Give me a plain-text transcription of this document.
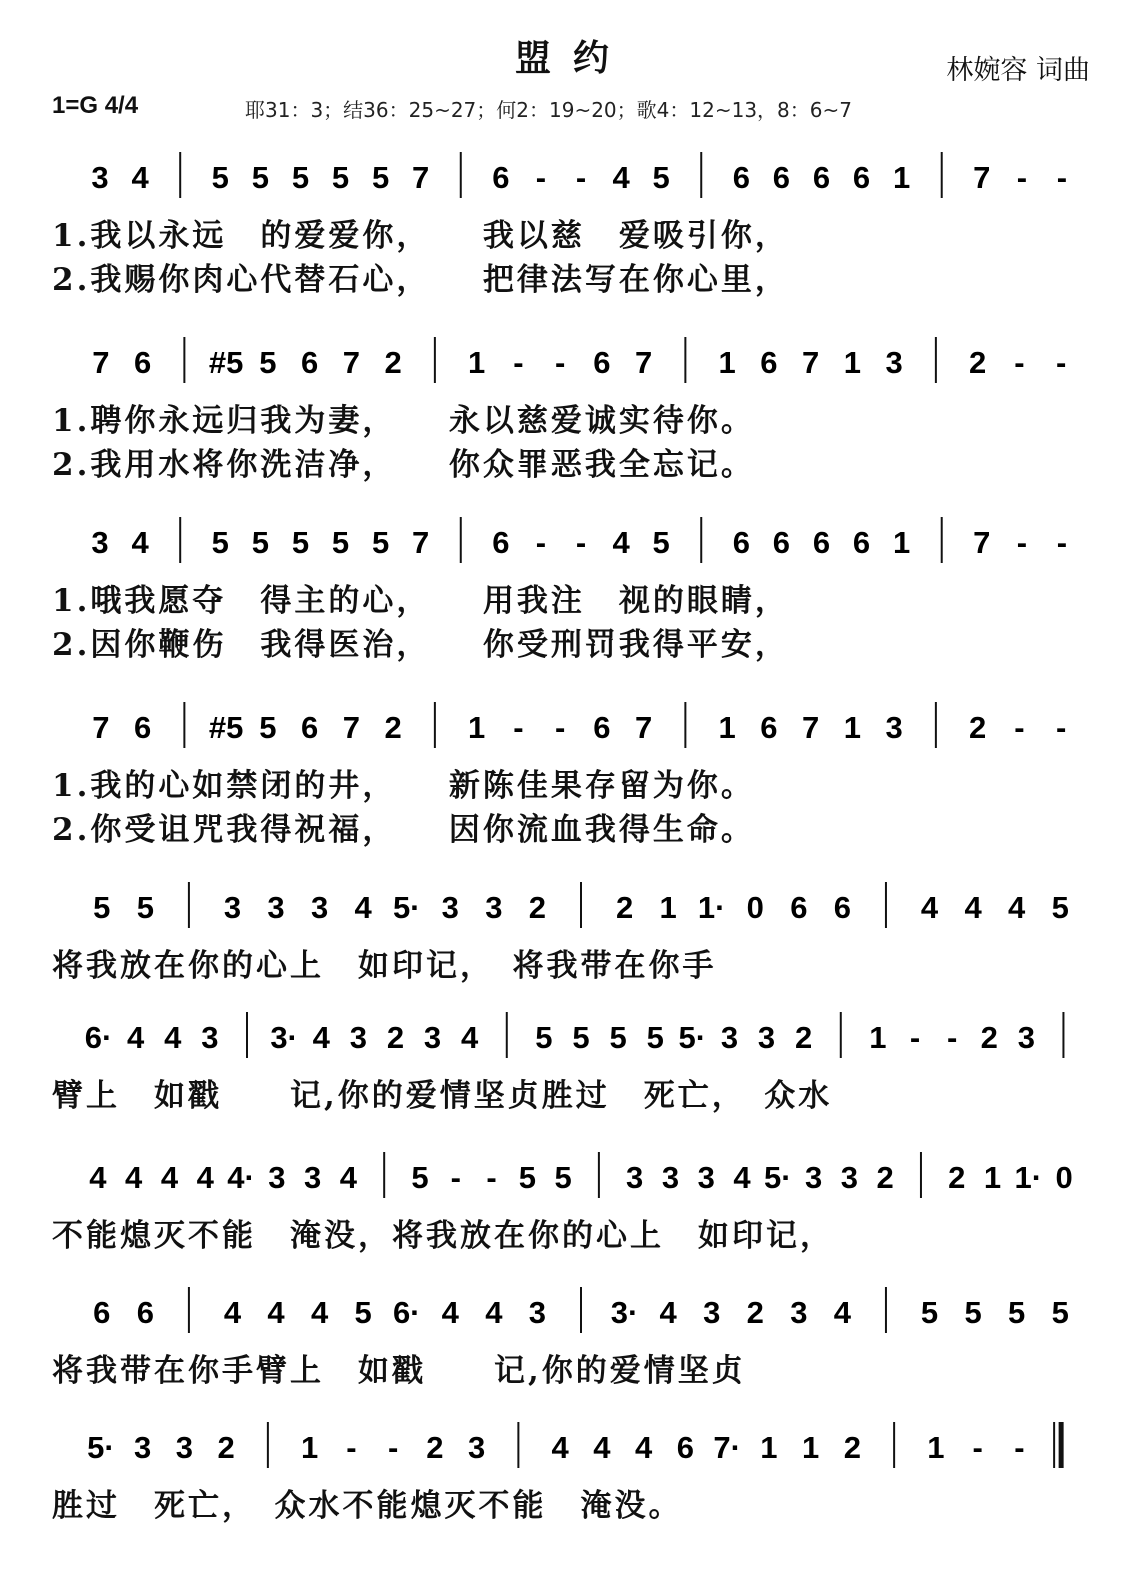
盟约	林婉容 词曲
1=G 4/4	耶31：3；结36：25~27；何2：19~20；歌4：12~13，8：6~7
3 4 5 5 5 5 5 7 6 - - 4 5 6 6 6 6 1 7 - -
1.我以永远　的爱爱你，　　我以慈　爱吸引你，
2.我赐你肉心代替石心，　　把律法写在你心里，
7 6 #5 5 6 7 2 1 - - 6 7 1 6 7 1 3 2 - -
1.聘你永远归我为妻，　　永以慈爱诚实待你。
2.我用水将你洗洁净，　　你众罪恶我全忘记。
3 4 5 5 5 5 5 7 6 - - 4 5 6 6 6 6 1 7 - -
1.哦我愿夺　得主的心，　　用我注　视的眼睛，
2.因你鞭伤　我得医治，　　你受刑罚我得平安，
7 6 #5 5 6 7 2 1 - - 6 7 1 6 7 1 3 2 - -
1.我的心如禁闭的井，　　新陈佳果存留为你。
2.你受诅咒我得祝福，　　因你流血我得生命。
5 5 3 3 3 4 5· 3 3 2 2 1 1· 0 6 6 4 4 4 5
将我放在你的心上　如印记，　将我带在你手
6· 4 4 3 3· 4 3 2 3 4 5 5 5 5 5· 3 3 2 1 - - 2 3
臂上　如戳　　记,你的爱情坚贞胜过　死亡，　众水
4 4 4 4 4· 3 3 4 5 - - 5 5 3 3 3 4 5· 3 3 2 2 1 1· 0
不能熄灭不能　淹没，将我放在你的心上　如印记，
6 6 4 4 4 5 6· 4 4 3 3· 4 3 2 3 4 5 5 5 5
将我带在你手臂上　如戳　　记,你的爱情坚贞
5· 3 3 2 1 - - 2 3 4 4 4 6 7· 1 1 2 1 - -
胜过　死亡，　众水不能熄灭不能　淹没。
